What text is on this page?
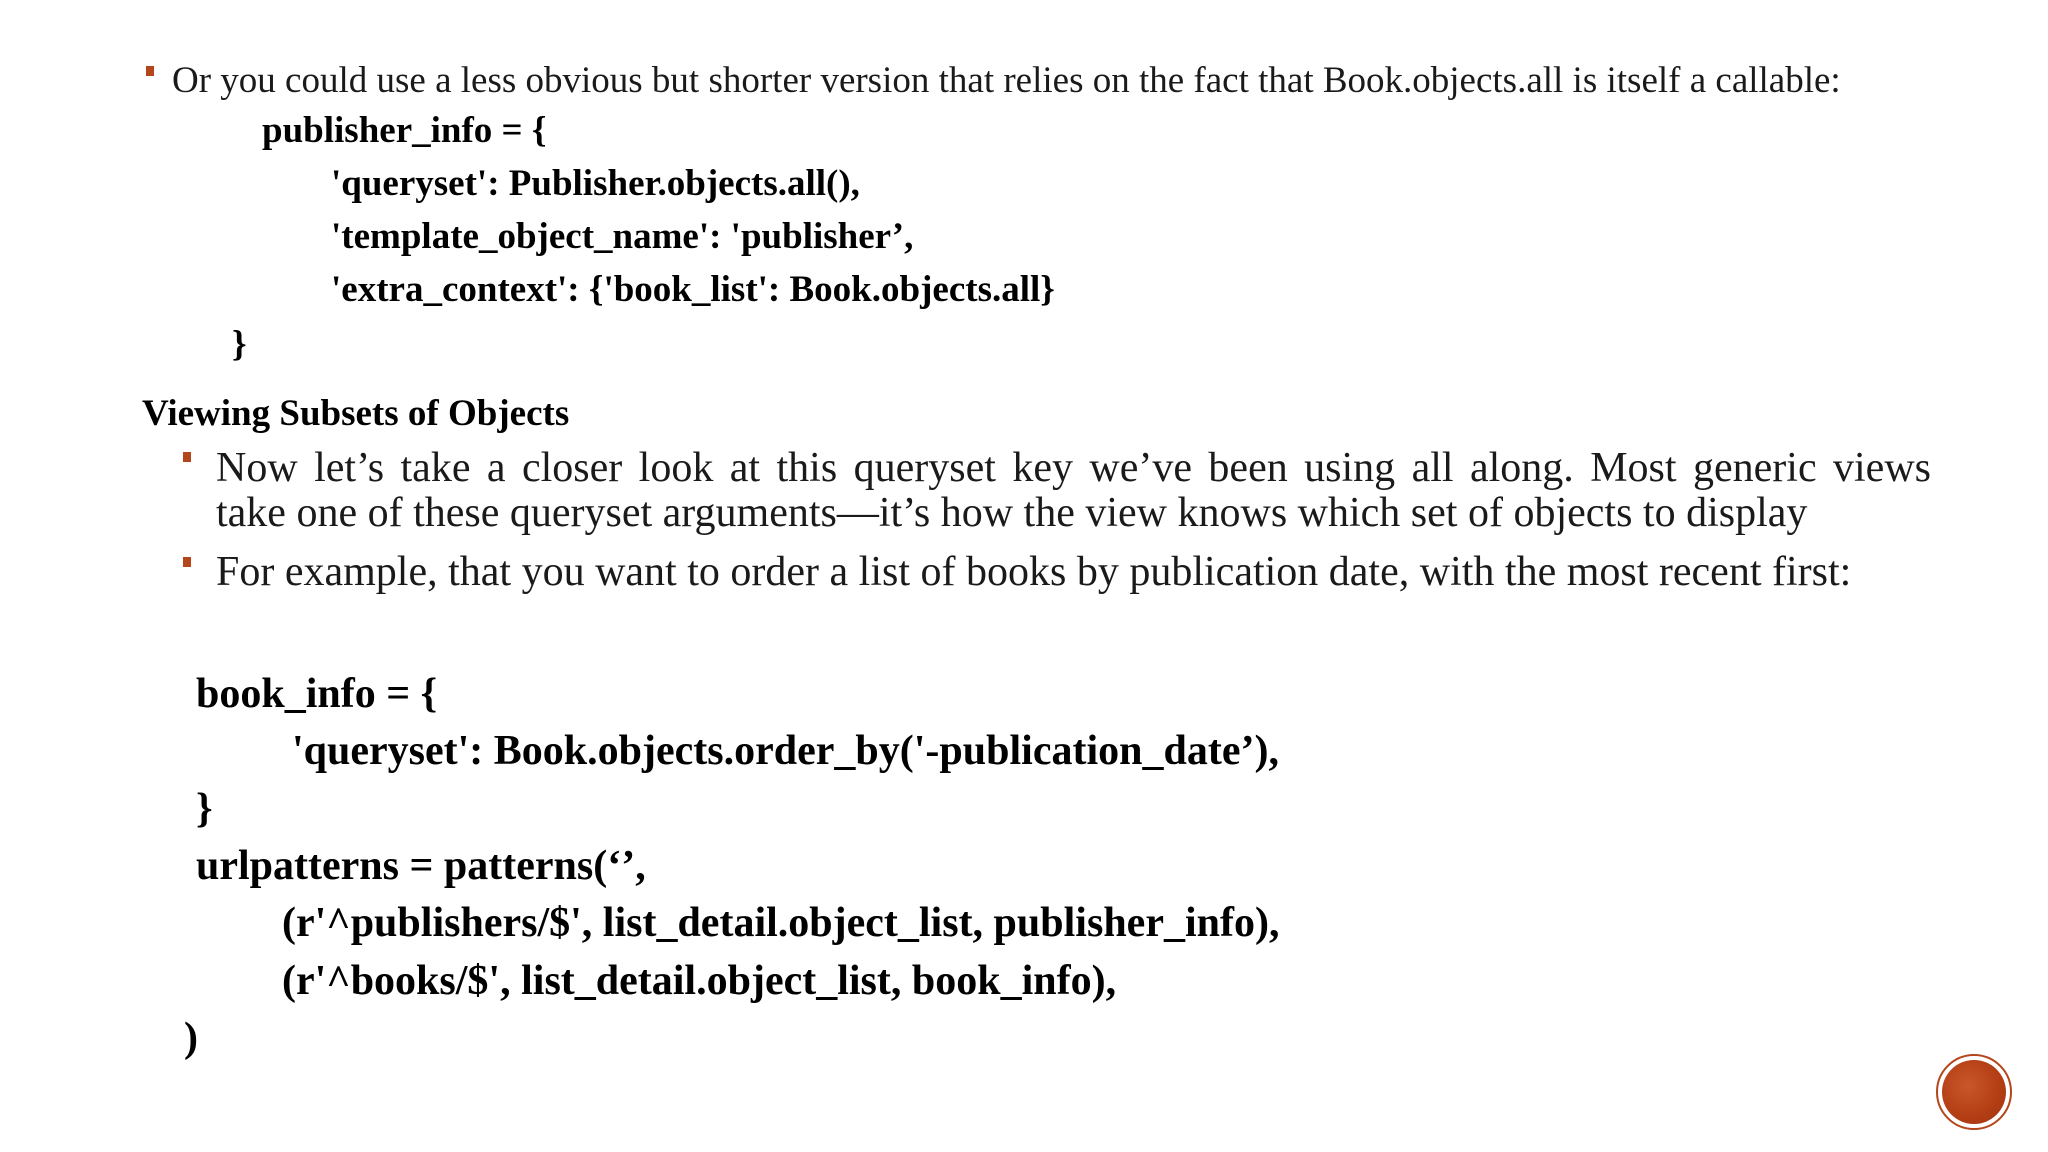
Or you could use a less obvious but shorter version that relies on the fact that Book.objects.all is itself a callable:
publisher_info = {
'queryset': Publisher.objects.all(),
'template_object_name': 'publisher’,
'extra_context': {'book_list': Book.objects.all}
}
Viewing Subsets of Objects
Now let’s take a closer look at this queryset key we’ve been using all along. Most generic views
take one of these queryset arguments—it’s how the view knows which set of objects to display
For example, that you want to order a list of books by publication date, with the most recent first:
book_info = {
'queryset': Book.objects.order_by('-publication_date’),
}
urlpatterns = patterns(‘’,
(r'^publishers/$', list_detail.object_list, publisher_info),
(r'^books/$', list_detail.object_list, book_info),
)
